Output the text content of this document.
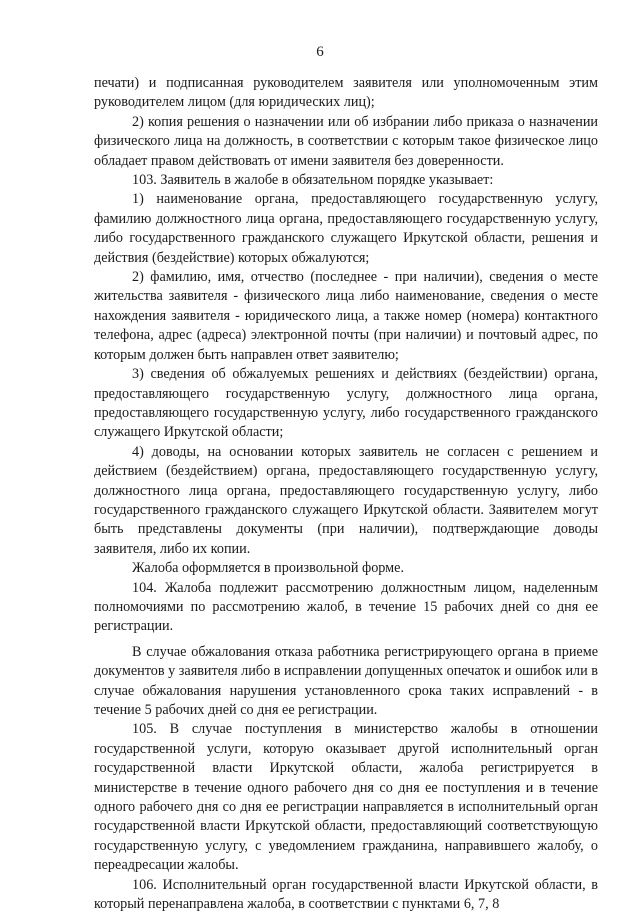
6

печати) и подписанная руководителем заявителя или уполномоченным этим руководителем лицом (для юридических лиц);

2) копия решения о назначении или об избрании либо приказа о назначении физического лица на должность, в соответствии с которым такое физическое лицо обладает правом действовать от имени заявителя без доверенности.

103. Заявитель в жалобе в обязательном порядке указывает:

1) наименование органа, предоставляющего государственную услугу, фамилию должностного лица органа, предоставляющего государственную услугу, либо государственного гражданского служащего Иркутской области, решения и действия (бездействие) которых обжалуются;

2) фамилию, имя, отчество (последнее - при наличии), сведения о месте жительства заявителя - физического лица либо наименование, сведения о месте нахождения заявителя - юридического лица, а также номер (номера) контактного телефона, адрес (адреса) электронной почты (при наличии) и почтовый адрес, по которым должен быть направлен ответ заявителю;

3) сведения об обжалуемых решениях и действиях (бездействии) органа, предоставляющего государственную услугу, должностного лица органа, предоставляющего государственную услугу, либо государственного гражданского служащего Иркутской области;

4) доводы, на основании которых заявитель не согласен с решением и действием (бездействием) органа, предоставляющего государственную услугу, должностного лица органа, предоставляющего государственную услугу, либо государственного гражданского служащего Иркутской области. Заявителем могут быть представлены документы (при наличии), подтверждающие доводы заявителя, либо их копии.

Жалоба оформляется в произвольной форме.

104. Жалоба подлежит рассмотрению должностным лицом, наделенным полномочиями по рассмотрению жалоб, в течение 15 рабочих дней со дня ее регистрации.

В случае обжалования отказа работника регистрирующего органа в приеме документов у заявителя либо в исправлении допущенных опечаток и ошибок или в случае обжалования нарушения установленного срока таких исправлений - в течение 5 рабочих дней со дня ее регистрации.

105. В случае поступления в министерство жалобы в отношении государственной услуги, которую оказывает другой исполнительный орган государственной власти Иркутской области, жалоба регистрируется в министерстве в течение одного рабочего дня со дня ее поступления и в течение одного рабочего дня со дня ее регистрации направляется в исполнительный орган государственной власти Иркутской области, предоставляющий соответствующую государственную услугу, с уведомлением гражданина, направившего жалобу, о переадресации жалобы.

106. Исполнительный орган государственной власти Иркутской области, в который перенаправлена жалоба, в соответствии с пунктами 6, 7, 8
